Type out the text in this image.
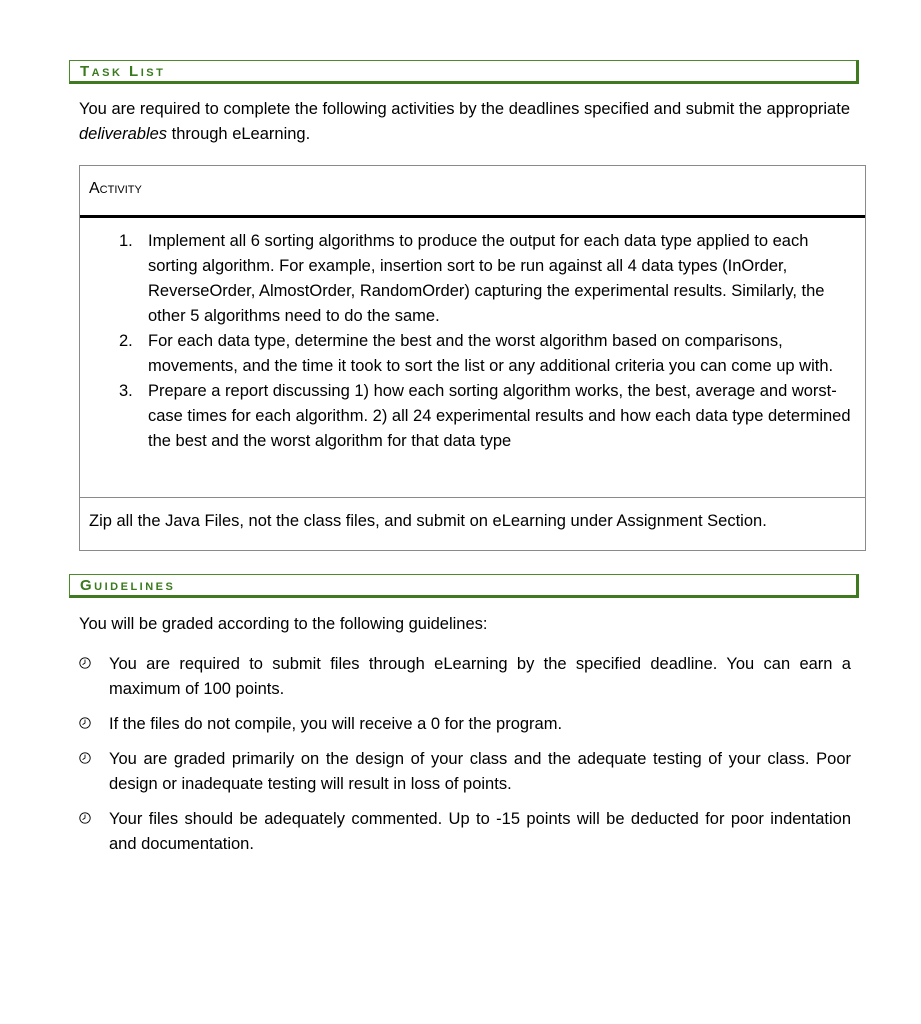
Task List
You are required to complete the following activities by the deadlines specified and submit the appropriate deliverables through eLearning.
Activity
1. Implement all 6 sorting algorithms to produce the output for each data type applied to each sorting algorithm. For example, insertion sort to be run against all 4 data types (InOrder, ReverseOrder, AlmostOrder, RandomOrder) capturing the experimental results. Similarly, the other 5 algorithms need to do the same.
2. For each data type, determine the best and the worst algorithm based on comparisons, movements, and the time it took to sort the list or any additional criteria you can come up with.
3. Prepare a report discussing 1) how each sorting algorithm works, the best, average and worst-case times for each algorithm. 2) all 24 experimental results and how each data type determined the best and the worst algorithm for that data type
Zip all the Java Files, not the class files, and submit on eLearning under Assignment Section.
Guidelines
You will be graded according to the following guidelines:
You are required to submit files through eLearning by the specified deadline. You can earn a maximum of 100 points.
If the files do not compile, you will receive a 0 for the program.
You are graded primarily on the design of your class and the adequate testing of your class. Poor design or inadequate testing will result in loss of points.
Your files should be adequately commented. Up to -15 points will be deducted for poor indentation and documentation.
